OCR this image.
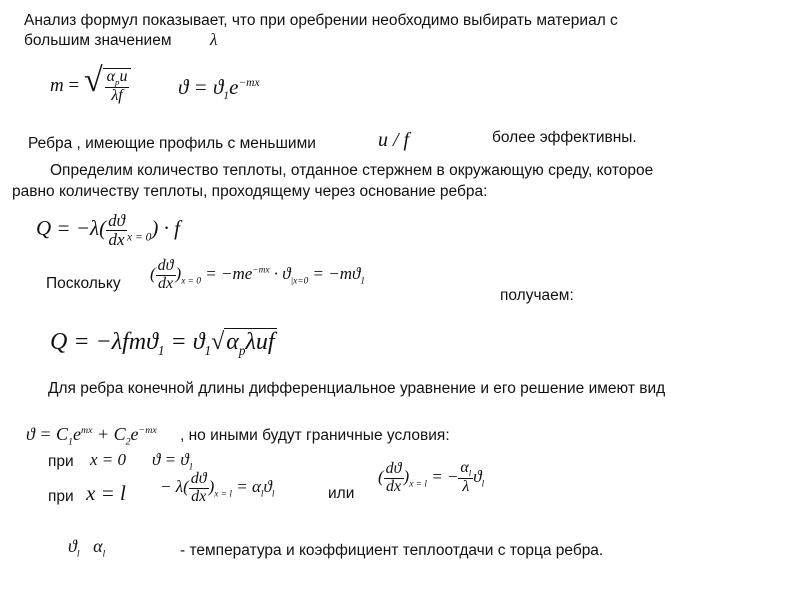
Анализ формул показывает, что при оребрении необходимо выбирать материал с
большим значением λ
m = √ $\frac{\alpha_pu}{\lambda f}$ $ϑ = ϑ_1e^{-mx}$
Ребра , имеющие профиль с меньшими	u / f	более эффективны.
Определим количество теплоты, отданное стержнем в окружающую среду, которое
равно количеству теплоты, проходящему через основание ребра:
$Q = -\lambda( \frac{dϑ}{dx} _{x = 0}) \cdot f$
Поскольку
( $\frac{dϑ}{dx} )_{x = 0} = -me^{-mx} \cdot ϑ_{|x=0} = -mϑ_1$
получаем:
$Q = -\lambda fmϑ_1 = ϑ_1√\alpha_p\lambda uf$
Для ребра конечной длины дифференциальное уравнение и его решение имеют вид
$ϑ = C_1e^{mx} + C_2e^{-mx}$ , но иными будут граничные условия:
при x = 0 $ϑ = ϑ_1$
при $x = l - \lambda( \frac{dϑ}{dx} )_{x = l} = \alpha_lϑ_l$	или
( $\frac{dϑ}{dx} )_{x = l}$ = − $\frac{\alpha_l}{\lambda} ϑ_l$
$ϑ_l$ $\alpha_l$	- температура и коэффициент теплоотдачи с торца ребра.
